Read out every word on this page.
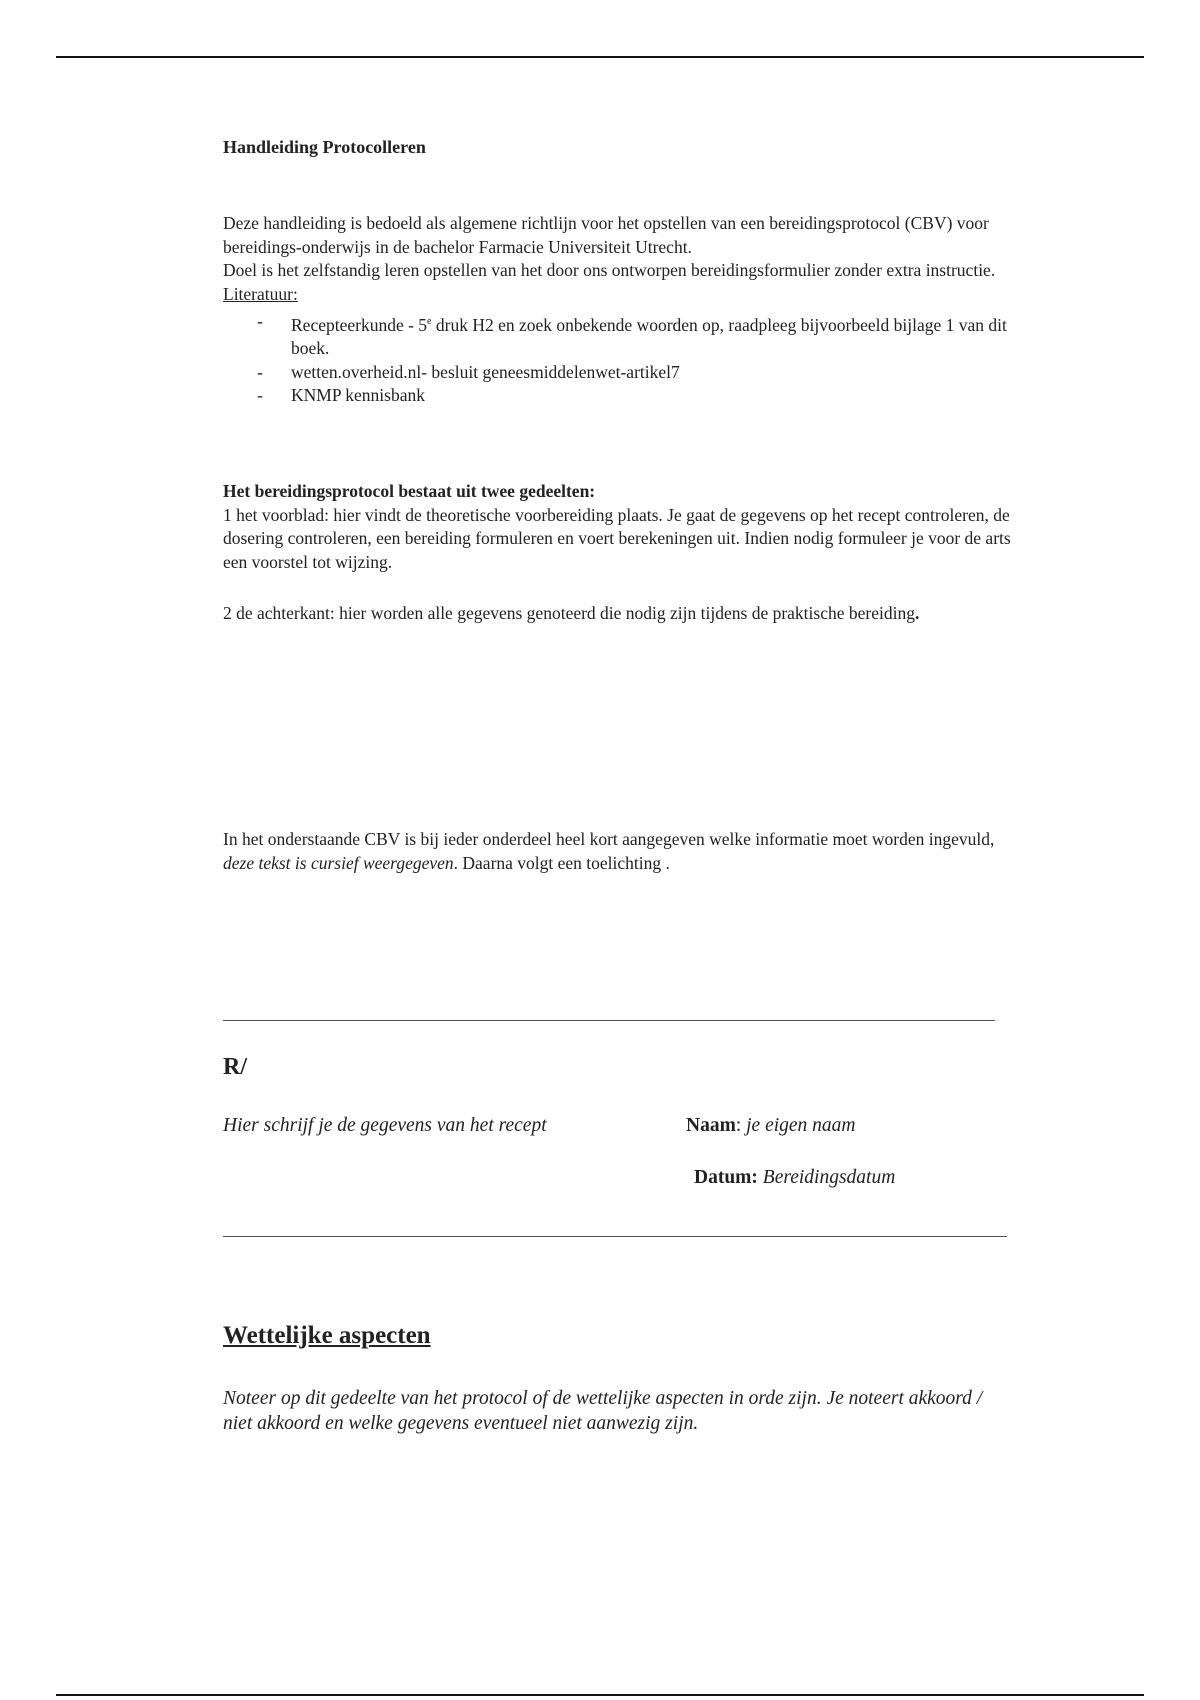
Handleiding Protocolleren

Deze handleiding is bedoeld als algemene richtlijn voor het opstellen van een bereidingsprotocol (CBV) voor bereidings-onderwijs in de bachelor Farmacie Universiteit Utrecht.

Doel is het zelfstandig leren opstellen van het door ons ontworpen bereidingsformulier zonder extra instructie.

Literatuur:
- Recepteerkunde - 5e druk H2 en zoek onbekende woorden op, raadpleeg bijvoorbeeld bijlage 1 van dit boek.
- wetten.overheid.nl- besluit geneesmiddelenwet-artikel7
- KNMP kennisbank
Het bereidingsprotocol bestaat uit twee gedeelten:

1 het voorblad: hier vindt de theoretische voorbereiding plaats. Je gaat de gegevens op het recept controleren, de dosering controleren, een bereiding formuleren en voert berekeningen uit. Indien nodig formuleer je voor de arts een voorstel tot wijzing.

2 de achterkant: hier worden alle gegevens genoteerd die nodig zijn tijdens de praktische bereiding.

In het onderstaande CBV is bij ieder onderdeel heel kort aangegeven welke informatie moet worden ingevuld, deze tekst is cursief weergegeven. Daarna volgt een toelichting .
R/
Hier schrijf je de gegevens van het recept	Naam: je eigen naam
Datum: Bereidingsdatum
Wettelijke aspecten
Noteer op dit gedeelte van het protocol of de wettelijke aspecten in orde zijn. Je noteert akkoord / niet akkoord en welke gegevens eventueel niet aanwezig zijn.
